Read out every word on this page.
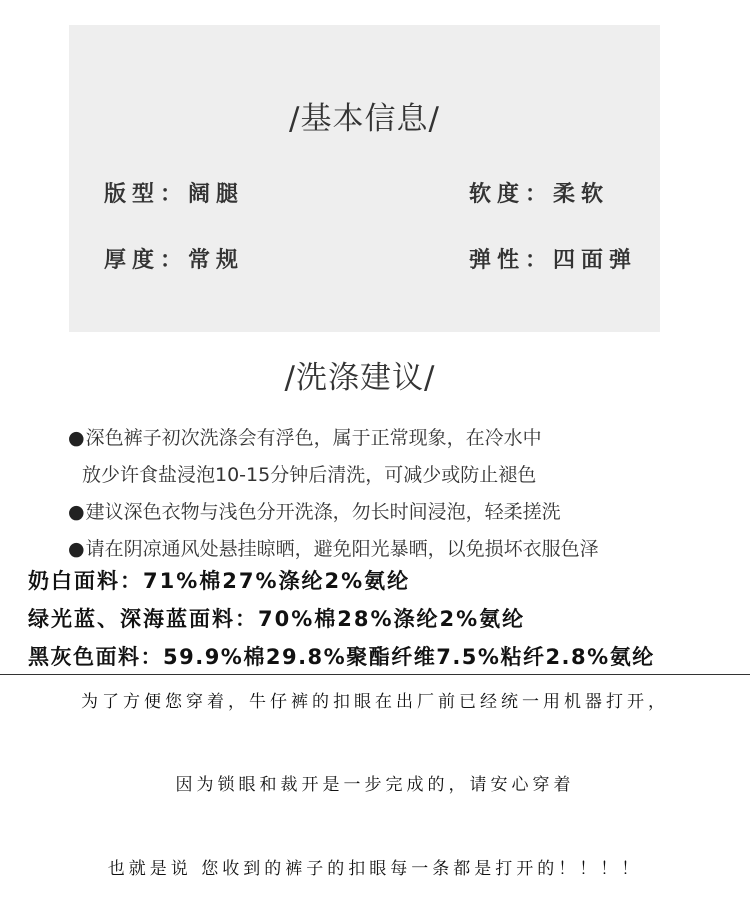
/基本信息/
版型：阔腿	软度：柔软
厚度：常规	弹性：四面弹
/洗涤建议/
●深色裤子初次洗涤会有浮色，属于正常现象，在冷水中
放少许食盐浸泡10-15分钟后清洗，可减少或防止褪色
●建议深色衣物与浅色分开洗涤，勿长时间浸泡，轻柔搓洗
●请在阴凉通风处悬挂晾晒，避免阳光暴晒，以免损坏衣服色泽
奶白面料：71%棉27%涤纶2%氨纶
绿光蓝、深海蓝面料：70%棉28%涤纶2%氨纶
黑灰色面料：59.9%棉29.8%聚酯纤维7.5%粘纤2.8%氨纶
为了方便您穿着，牛仔裤的扣眼在出厂前已经统一用机器打开，
因为锁眼和裁开是一步完成的，请安心穿着
也就是说 您收到的裤子的扣眼每一条都是打开的！！！！
